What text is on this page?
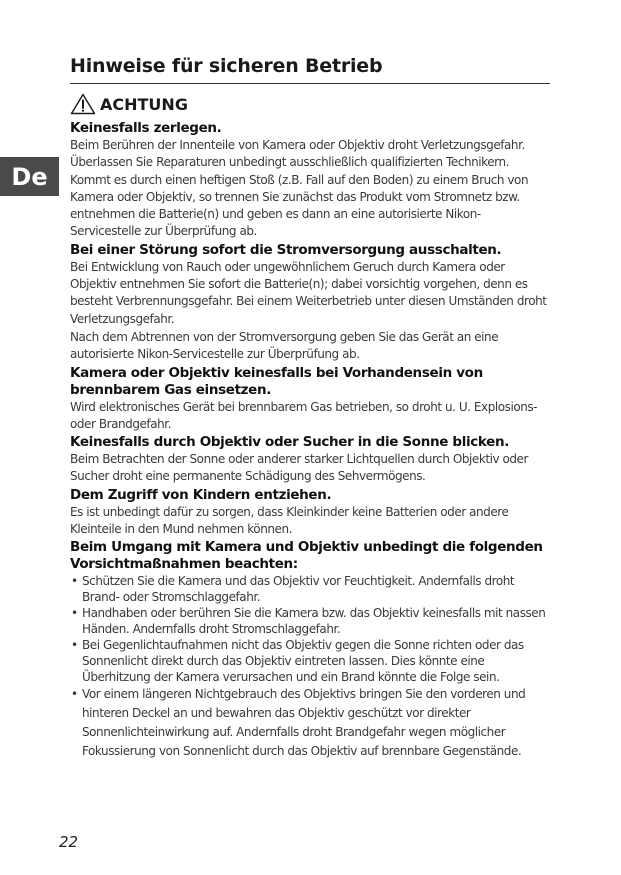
De
Hinweise für sicheren Betrieb
ACHTUNG
Keinesfalls zerlegen.

Beim Berühren der Innenteile von Kamera oder Objektiv droht Verletzungsgefahr. Überlassen Sie Reparaturen unbedingt ausschließlich qualifizierten Technikern. Kommt es durch einen heftigen Stoß (z.B. Fall auf den Boden) zu einem Bruch von Kamera oder Objektiv, so trennen Sie zunächst das Produkt vom Stromnetz bzw. entnehmen die Batterie(n) und geben es dann an eine autorisierte Nikon-Servicestelle zur Überprüfung ab.

Bei einer Störung sofort die Stromversorgung ausschalten.

Bei Entwicklung von Rauch oder ungewöhnlichem Geruch durch Kamera oder Objektiv entnehmen Sie sofort die Batterie(n); dabei vorsichtig vorgehen, denn es besteht Verbrennungsgefahr. Bei einem Weiterbetrieb unter diesen Umständen droht Verletzungsgefahr.

Nach dem Abtrennen von der Stromversorgung geben Sie das Gerät an eine autorisierte Nikon-Servicestelle zur Überprüfung ab.

Kamera oder Objektiv keinesfalls bei Vorhandensein von brennbarem Gas einsetzen.

Wird elektronisches Gerät bei brennbarem Gas betrieben, so droht u. U. Explosions- oder Brandgefahr.

Keinesfalls durch Objektiv oder Sucher in die Sonne blicken.

Beim Betrachten der Sonne oder anderer starker Lichtquellen durch Objektiv oder Sucher droht eine permanente Schädigung des Sehvermögens.

Dem Zugriff von Kindern entziehen.

Es ist unbedingt dafür zu sorgen, dass Kleinkinder keine Batterien oder andere Kleinteile in den Mund nehmen können.

Beim Umgang mit Kamera und Objektiv unbedingt die folgenden Vorsichtmaßnahmen beachten:
• Schützen Sie die Kamera und das Objektiv vor Feuchtigkeit. Andernfalls droht Brand- oder Stromschlaggefahr.
• Handhaben oder berühren Sie die Kamera bzw. das Objektiv keinesfalls mit nassen Händen. Andernfalls droht Stromschlaggefahr.
• Bei Gegenlichtaufnahmen nicht das Objektiv gegen die Sonne richten oder das Sonnenlicht direkt durch das Objektiv eintreten lassen. Dies könnte eine Überhitzung der Kamera verursachen und ein Brand könnte die Folge sein.
• Vor einem längeren Nichtgebrauch des Objektivs bringen Sie den vorderen und hinteren Deckel an und bewahren das Objektiv geschützt vor direkter Sonnenlichteinwirkung auf. Andernfalls droht Brandgefahr wegen möglicher Fokussierung von Sonnenlicht durch das Objektiv auf brennbare Gegenstände.
22
